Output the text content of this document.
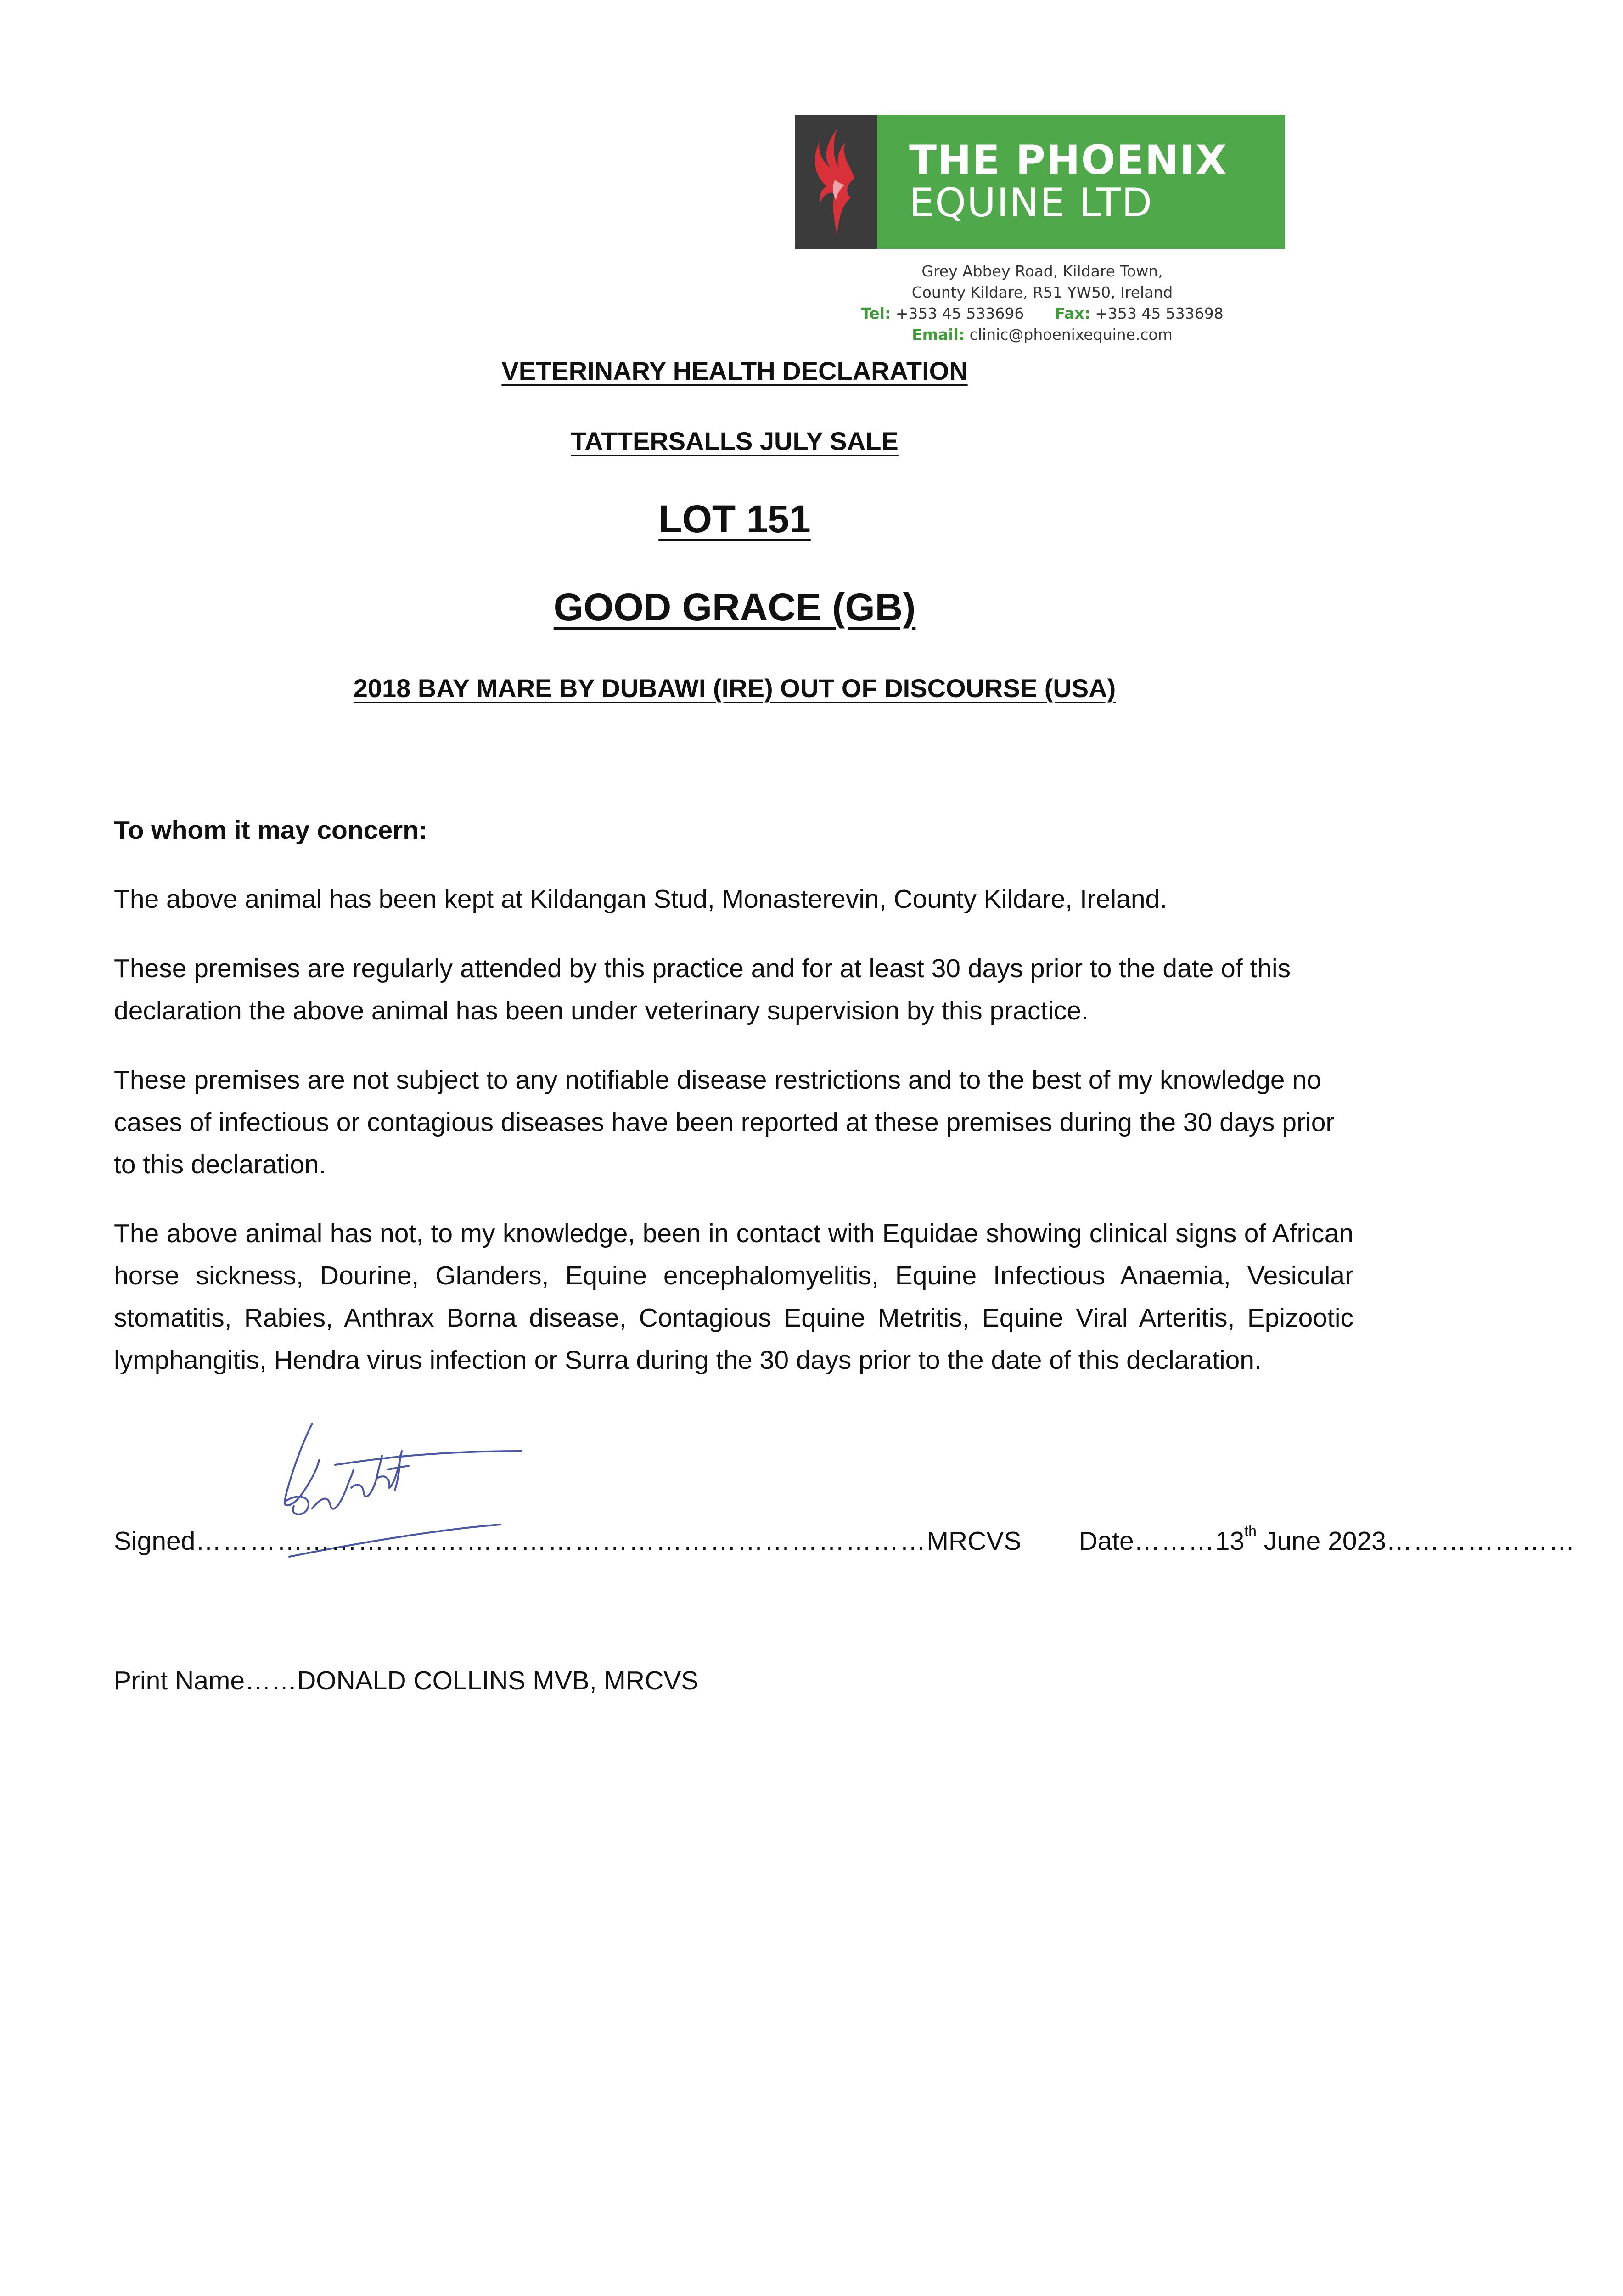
THE PHOENIX
EQUINE LTD
Grey Abbey Road, Kildare Town,
County Kildare, R51 YW50, Ireland
Tel: +353 45 533696 Fax: +353 45 533698
Email: clinic@phoenixequine.com
VETERINARY HEALTH DECLARATION
TATTERSALLS JULY SALE
LOT 151
GOOD GRACE (GB)
2018 BAY MARE BY DUBAWI (IRE) OUT OF DISCOURSE (USA)
To whom it may concern:
The above animal has been kept at Kildangan Stud, Monasterevin, County Kildare, Ireland.
These premises are regularly attended by this practice and for at least 30 days prior to the date of this declaration the above animal has been under veterinary supervision by this practice.
These premises are not subject to any notifiable disease restrictions and to the best of my knowledge no cases of infectious or contagious diseases have been reported at these premises during the 30 days prior to this declaration.
The above animal has not, to my knowledge, been in contact with Equidae showing clinical signs of African horse sickness, Dourine, Glanders, Equine encephalomyelitis, Equine Infectious Anaemia, Vesicular stomatitis, Rabies, Anthrax Borna disease, Contagious Equine Metritis, Equine Viral Arteritis, Epizootic lymphangitis, Hendra virus infection or Surra during the 30 days prior to the date of this declaration.
Signed………………………………………………………………………MRCVS Date………13th June 2023…………………
Print Name……DONALD COLLINS MVB, MRCVS
